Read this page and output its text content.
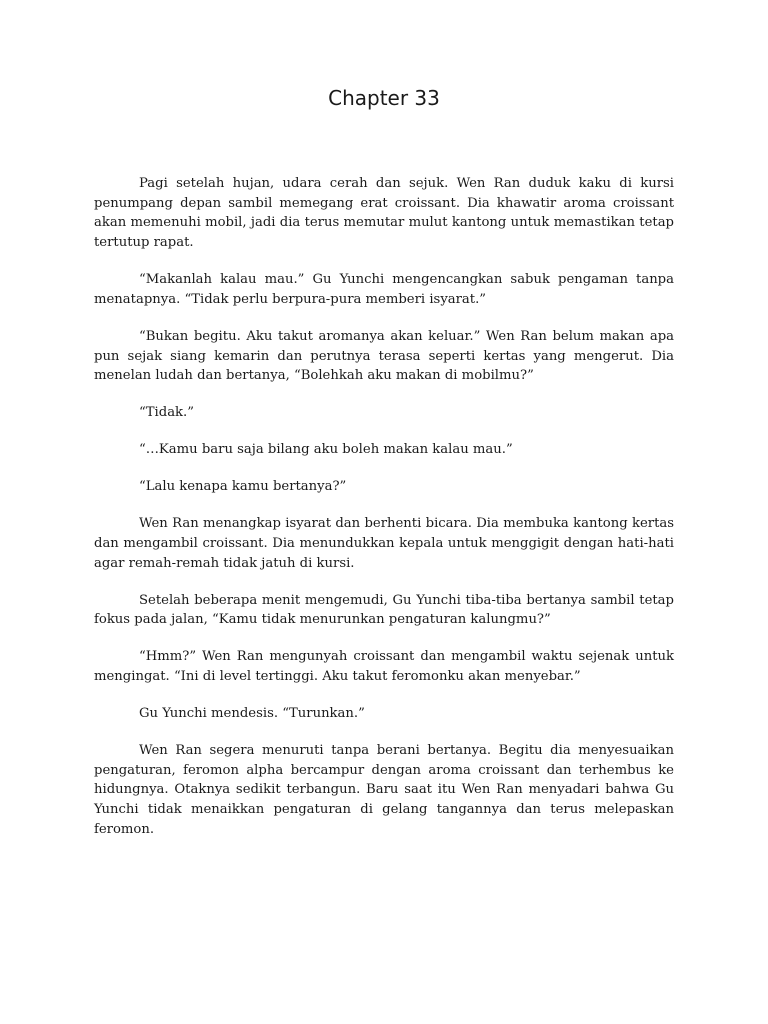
Chapter 33

Pagi setelah hujan, udara cerah dan sejuk. Wen Ran duduk kaku di kursi penumpang depan sambil memegang erat croissant. Dia khawatir aroma croissant akan memenuhi mobil, jadi dia terus memutar mulut kantong untuk memastikan tetap tertutup rapat.

“Makanlah kalau mau.” Gu Yunchi mengencangkan sabuk pengaman tanpa menatapnya. “Tidak perlu berpura-pura memberi isyarat.”

“Bukan begitu. Aku takut aromanya akan keluar.” Wen Ran belum makan apa pun sejak siang kemarin dan perutnya terasa seperti kertas yang mengerut. Dia menelan ludah dan bertanya, “Bolehkah aku makan di mobilmu?”

“Tidak.”

“…Kamu baru saja bilang aku boleh makan kalau mau.”

“Lalu kenapa kamu bertanya?”

Wen Ran menangkap isyarat dan berhenti bicara. Dia membuka kantong kertas dan mengambil croissant. Dia menundukkan kepala untuk menggigit dengan hati-hati agar remah-remah tidak jatuh di kursi.

Setelah beberapa menit mengemudi, Gu Yunchi tiba-tiba bertanya sambil tetap fokus pada jalan, “Kamu tidak menurunkan pengaturan kalungmu?”

“Hmm?” Wen Ran mengunyah croissant dan mengambil waktu sejenak untuk mengingat. “Ini di level tertinggi. Aku takut feromonku akan menyebar.”

Gu Yunchi mendesis. “Turunkan.”

Wen Ran segera menuruti tanpa berani bertanya. Begitu dia menyesuaikan pengaturan, feromon alpha bercampur dengan aroma croissant dan terhembus ke hidungnya. Otaknya sedikit terbangun. Baru saat itu Wen Ran menyadari bahwa Gu Yunchi tidak menaikkan pengaturan di gelang tangannya dan terus melepaskan feromon.
